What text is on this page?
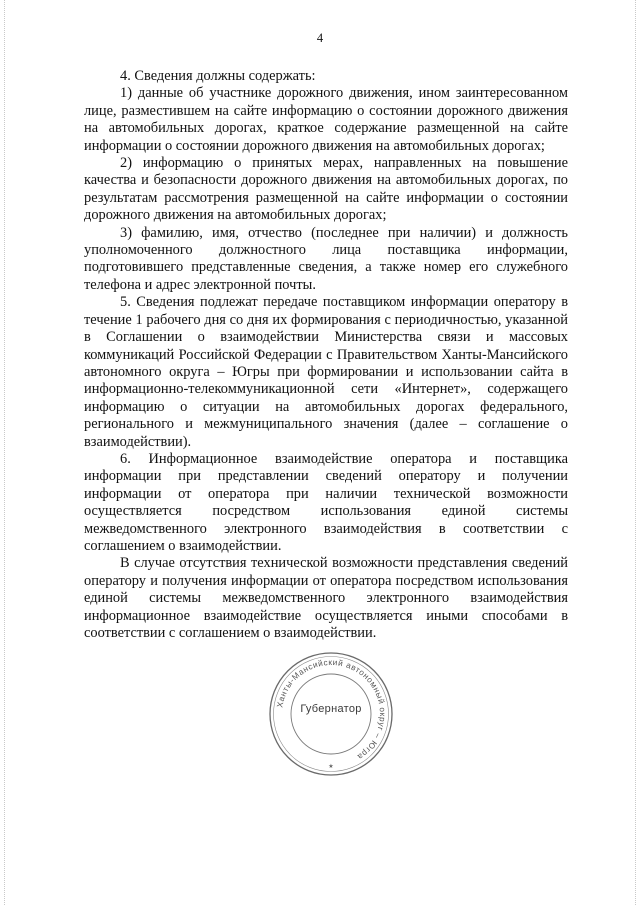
4

4. Сведения должны содержать:

1) данные об участнике дорожного движения, ином заинтересованном лице, разместившем на сайте информацию о состоянии дорожного движения на автомобильных дорогах, краткое содержание размещенной на сайте информации о состоянии дорожного движения на автомобильных дорогах;

2) информацию о принятых мерах, направленных на повышение качества и безопасности дорожного движения на автомобильных дорогах, по результатам рассмотрения размещенной на сайте информации о состоянии дорожного движения на автомобильных дорогах;

3) фамилию, имя, отчество (последнее при наличии) и должность уполномоченного должностного лица поставщика информации, подготовившего представленные сведения, а также номер его служебного телефона и адрес электронной почты.

5. Сведения подлежат передаче поставщиком информации оператору в течение 1 рабочего дня со дня их формирования с периодичностью, указанной в Соглашении о взаимодействии Министерства связи и массовых коммуникаций Российской Федерации с Правительством Ханты-Мансийского автономного округа – Югры при формировании и использовании сайта в информационно-телекоммуникационной сети «Интернет», содержащего информацию о ситуации на автомобильных дорогах федерального, регионального и межмуниципального значения (далее – соглашение о взаимодействии).

6. Информационное взаимодействие оператора и поставщика информации при представлении сведений оператору и получении информации от оператора при наличии технической возможности осуществляется посредством использования единой системы межведомственного электронного взаимодействия в соответствии с соглашением о взаимодействии.

В случае отсутствия технической возможности представления сведений оператору и получения информации от оператора посредством использования единой системы межведомственного электронного взаимодействия информационное взаимодействие осуществляется иными способами в соответствии с соглашением о взаимодействии.

Ханты-Мансийский автономный округ – Югра
★
Губернатор
